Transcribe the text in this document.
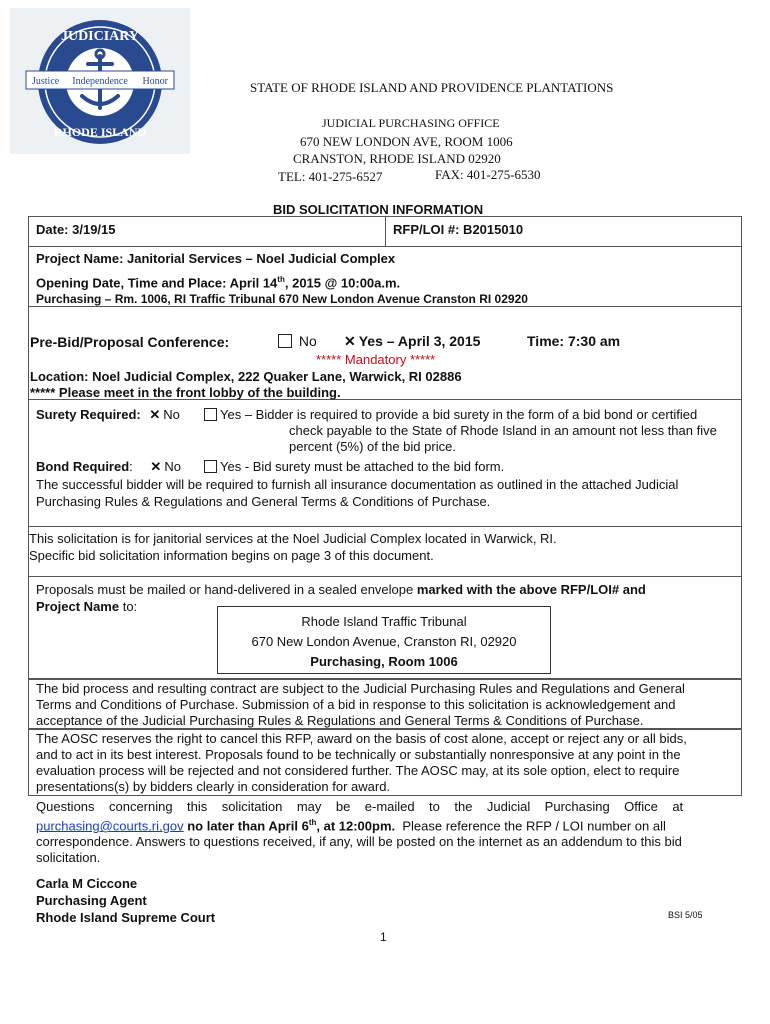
JUDICIARY
Justice Independence Honor
RHODE ISLAND
STATE OF RHODE ISLAND AND PROVIDENCE PLANTATIONS
JUDICIAL PURCHASING OFFICE
670 NEW LONDON AVE, ROOM 1006
CRANSTON, RHODE ISLAND 02920
TEL: 401-275-6527	FAX: 401-275-6530
BID SOLICITATION INFORMATION
Date: 3/19/15	RFP/LOI #: B2015010
Project Name: Janitorial Services – Noel Judicial Complex
Opening Date, Time and Place: April 14th, 2015 @ 10:00a.m.
Purchasing – Rm. 1006, RI Traffic Tribunal 670 New London Avenue Cranston RI 02920
Pre-Bid/Proposal Conference:	No ✕ Yes – April 3, 2015	Time: 7:30 am
***** Mandatory *****
Location: Noel Judicial Complex, 222 Quaker Lane, Warwick, RI 02886
***** Please meet in the front lobby of the building.
Surety Required: ✕ No	Yes – Bidder is required to provide a bid surety in the form of a bid bond or certified
check payable to the State of Rhode Island in an amount not less than five
percent (5%) of the bid price.
Bond Required: ✕ No	Yes - Bid surety must be attached to the bid form.
The successful bidder will be required to furnish all insurance documentation as outlined in the attached Judicial
Purchasing Rules & Regulations and General Terms & Conditions of Purchase.
This solicitation is for janitorial services at the Noel Judicial Complex located in Warwick, RI.
Specific bid solicitation information begins on page 3 of this document.
Proposals must be mailed or hand-delivered in a sealed envelope marked with the above RFP/LOI# and
Project Name to:
Rhode Island Traffic Tribunal
670 New London Avenue, Cranston RI, 02920
Purchasing, Room 1006
The bid process and resulting contract are subject to the Judicial Purchasing Rules and Regulations and General
Terms and Conditions of Purchase. Submission of a bid in response to this solicitation is acknowledgement and
acceptance of the Judicial Purchasing Rules & Regulations and General Terms & Conditions of Purchase.
The AOSC reserves the right to cancel this RFP, award on the basis of cost alone, accept or reject any or all bids,
and to act in its best interest. Proposals found to be technically or substantially nonresponsive at any point in the
evaluation process will be rejected and not considered further. The AOSC may, at its sole option, elect to require
presentations(s) by bidders clearly in consideration for award.
Questions    concerning    this    solicitation    may    be    e-mailed    to    the    Judicial    Purchasing    Office    at
purchasing@courts.ri.gov no later than April 6th, at 12:00pm.  Please reference the RFP / LOI number on all
correspondence. Answers to questions received, if any, will be posted on the internet as an addendum to this bid
solicitation.
Carla M Ciccone
Purchasing Agent
Rhode Island Supreme Court	BSI 5/05
1
